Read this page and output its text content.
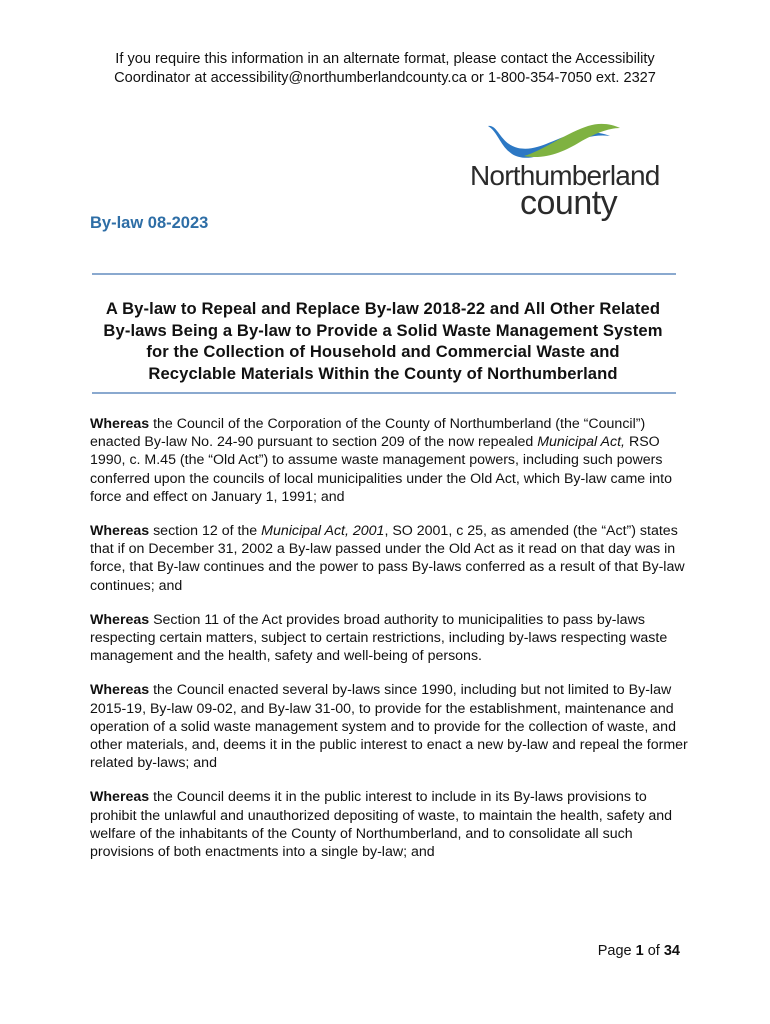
If you require this information in an alternate format, please contact the Accessibility
Coordinator at accessibility@northumberlandcounty.ca or 1-800-354-7050 ext. 2327
Northumberland
county
By-law 08-2023
A By-law to Repeal and Replace By-law 2018-22 and All Other Related
By-laws Being a By-law to Provide a Solid Waste Management System
for the Collection of Household and Commercial Waste and
Recyclable Materials Within the County of Northumberland

Whereas the Council of the Corporation of the County of Northumberland (the “Council”) enacted By-law No. 24-90 pursuant to section 209 of the now repealed Municipal Act, RSO 1990, c. M.45 (the “Old Act”) to assume waste management powers, including such powers conferred upon the councils of local municipalities under the Old Act, which By-law came into force and effect on January 1, 1991; and

Whereas section 12 of the Municipal Act, 2001, SO 2001, c 25, as amended (the “Act”) states that if on December 31, 2002 a By-law passed under the Old Act as it read on that day was in force, that By-law continues and the power to pass By-laws conferred as a result of that By-law continues; and

Whereas Section 11 of the Act provides broad authority to municipalities to pass by-laws respecting certain matters, subject to certain restrictions, including by-laws respecting waste management and the health, safety and well-being of persons.

Whereas the Council enacted several by-laws since 1990, including but not limited to By-law 2015-19, By-law 09-02, and By-law 31-00, to provide for the establishment, maintenance and operation of a solid waste management system and to provide for the collection of waste, and other materials, and, deems it in the public interest to enact a new by-law and repeal the former related by-laws; and

Whereas the Council deems it in the public interest to include in its By-laws provisions to prohibit the unlawful and unauthorized depositing of waste, to maintain the health, safety and welfare of the inhabitants of the County of Northumberland, and to consolidate all such provisions of both enactments into a single by-law; and

Page 1 of 34
